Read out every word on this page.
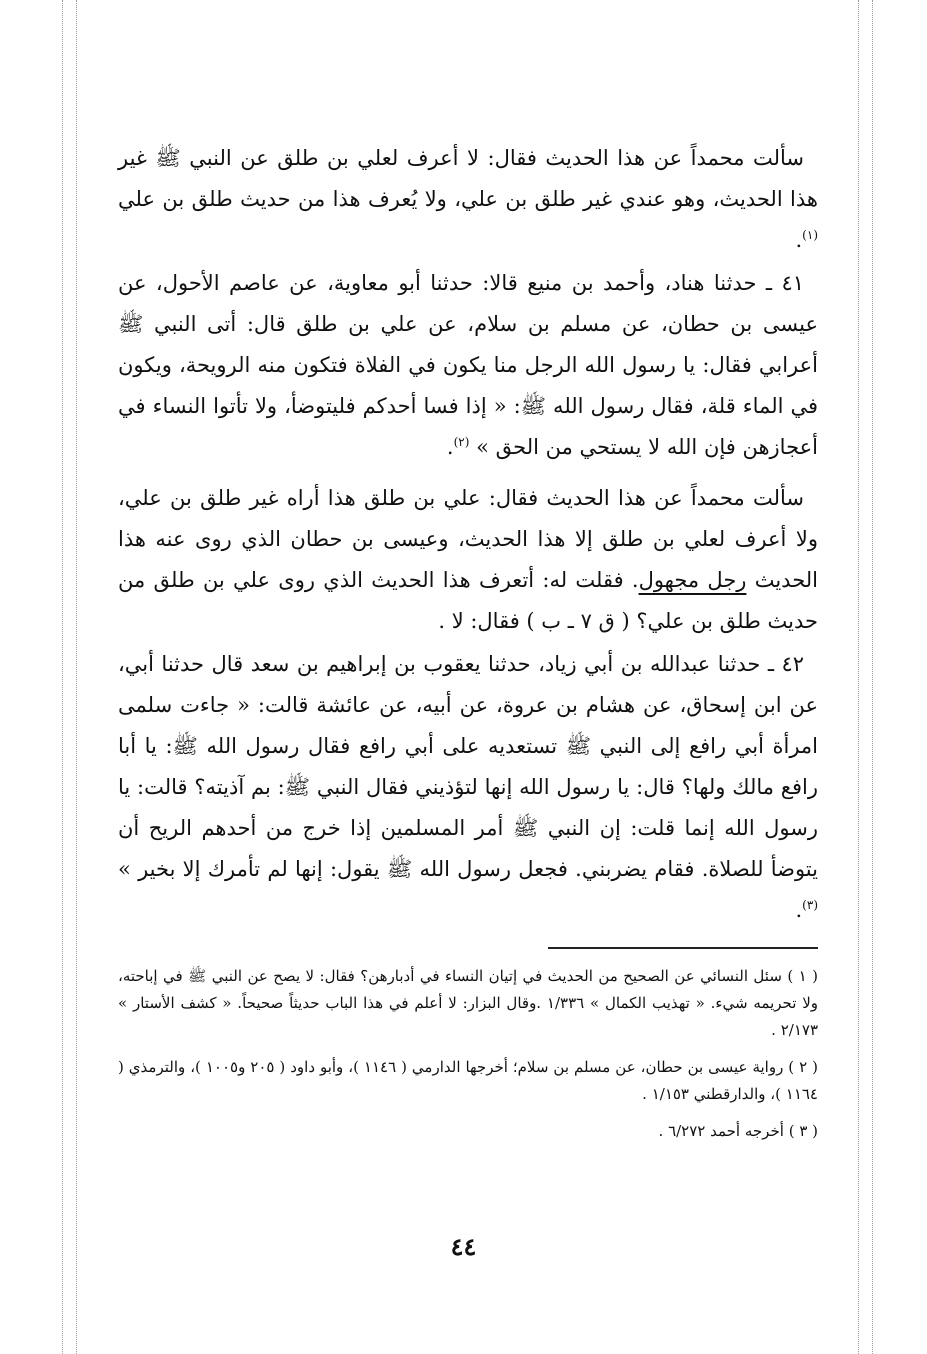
سألت محمداً عن هذا الحديث فقال: لا أعرف لعلي بن طلق عن النبي ﷺ غير هذا الحديث، وهو عندي غير طلق بن علي، ولا يُعرف هذا من حديث طلق بن علي $^{(١)}$.

٤١ ـ حدثنا هناد، وأحمد بن منيع قالا: حدثنا أبو معاوية، عن عاصم الأحول، عن عيسى بن حطان، عن مسلم بن سلام، عن علي بن طلق قال: أتى النبي ﷺ أعرابي فقال: يا رسول الله الرجل منا يكون في الفلاة فتكون منه الرويحة، ويكون في الماء قلة، فقال رسول الله ﷺ: « إذا فسا أحدكم فليتوضأ، ولا تأتوا النساء في أعجازهن فإن الله لا يستحي من الحق » $^{(٢)}$.

سألت محمداً عن هذا الحديث فقال: علي بن طلق هذا أراه غير طلق بن علي، ولا أعرف لعلي بن طلق إلا هذا الحديث، وعيسى بن حطان الذي روى عنه هذا الحديث رجل مجهول. فقلت له: أتعرف هذا الحديث الذي روى علي بن طلق من حديث طلق بن علي؟ ( ق ٧ ـ ب ) فقال: لا .

٤٢ ـ حدثنا عبدالله بن أبي زياد، حدثنا يعقوب بن إبراهيم بن سعد قال حدثنا أبي، عن ابن إسحاق، عن هشام بن عروة، عن أبيه، عن عائشة قالت: « جاءت سلمى امرأة أبي رافع إلى النبي ﷺ تستعديه على أبي رافع فقال رسول الله ﷺ: يا أبا رافع مالك ولها؟ قال: يا رسول الله إنها لتؤذيني فقال النبي ﷺ: بم آذيته؟ قالت: يا رسول الله إنما قلت: إن النبي ﷺ أمر المسلمين إذا خرج من أحدهم الريح أن يتوضأ للصلاة. فقام يضربني. فجعل رسول الله ﷺ يقول: إنها لم تأمرك إلا بخير » $^{(٣)}$.

( ١ ) سئل النسائي عن الصحيح من الحديث في إتيان النساء في أدبارهن؟ فقال: لا يصح عن النبي ﷺ في إباحته، ولا تحريمه شيء. « تهذيب الكمال » ١/٣٣٦ .وقال البزار: لا أعلم في هذا الباب حديثاً صحيحاً. « كشف الأستار » ٢/١٧٣ .

( ٢ ) رواية عيسى بن حطان، عن مسلم بن سلام؛ أخرجها الدارمي ( ١١٤٦ )، وأبو داود ( ٢٠٥ و١٠٠٥ )، والترمذي ( ١١٦٤ )، والدارقطني ١/١٥٣ .

( ٣ ) أخرجه أحمد ٦/٢٧٢ .

٤٤
